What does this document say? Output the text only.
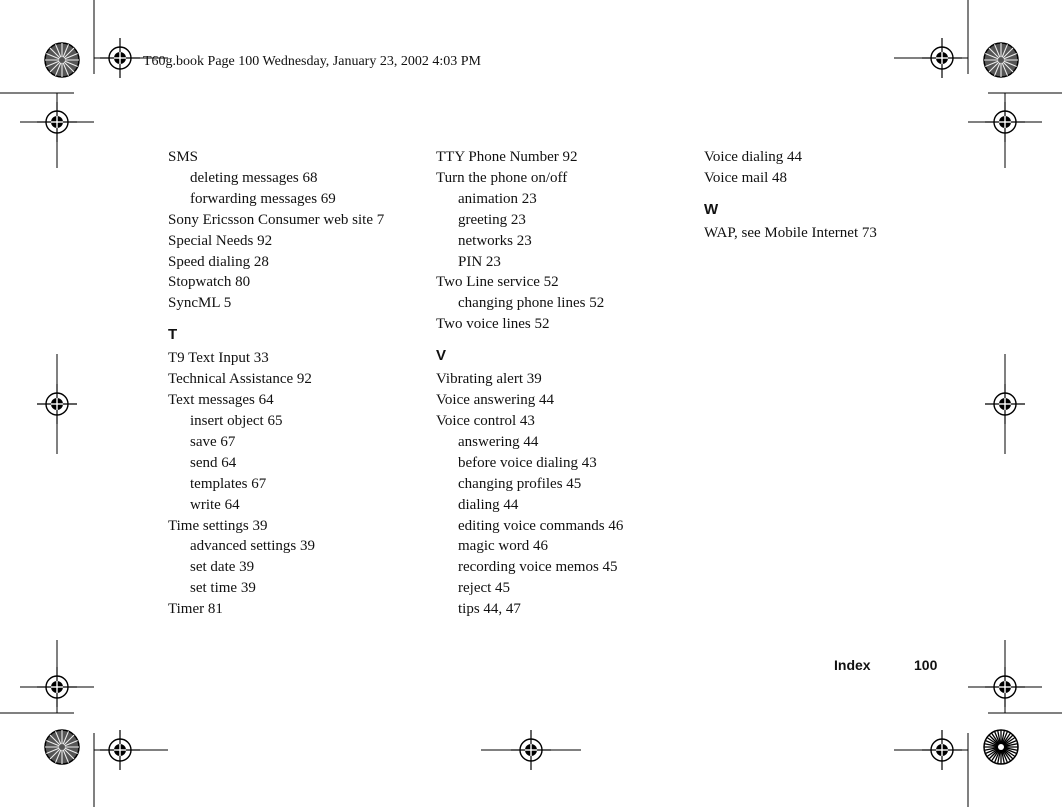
T60g.book Page 100 Wednesday, January 23, 2002 4:03 PM
SMS
deleting messages 68
forwarding messages 69
Sony Ericsson Consumer web site 7
Special Needs 92
Speed dialing 28
Stopwatch 80
SyncML 5
T
T9 Text Input 33
Technical Assistance 92
Text messages 64
insert object 65
save 67
send 64
templates 67
write 64
Time settings 39
advanced settings 39
set date 39
set time 39
Timer 81
TTY Phone Number 92
Turn the phone on/off
animation 23
greeting 23
networks 23
PIN 23
Two Line service 52
changing phone lines 52
Two voice lines 52
V
Vibrating alert 39
Voice answering 44
Voice control 43
answering 44
before voice dialing 43
changing profiles 45
dialing 44
editing voice commands 46
magic word 46
recording voice memos 45
reject 45
tips 44, 47
Voice dialing 44
Voice mail 48
W
WAP, see Mobile Internet 73
Index	100
